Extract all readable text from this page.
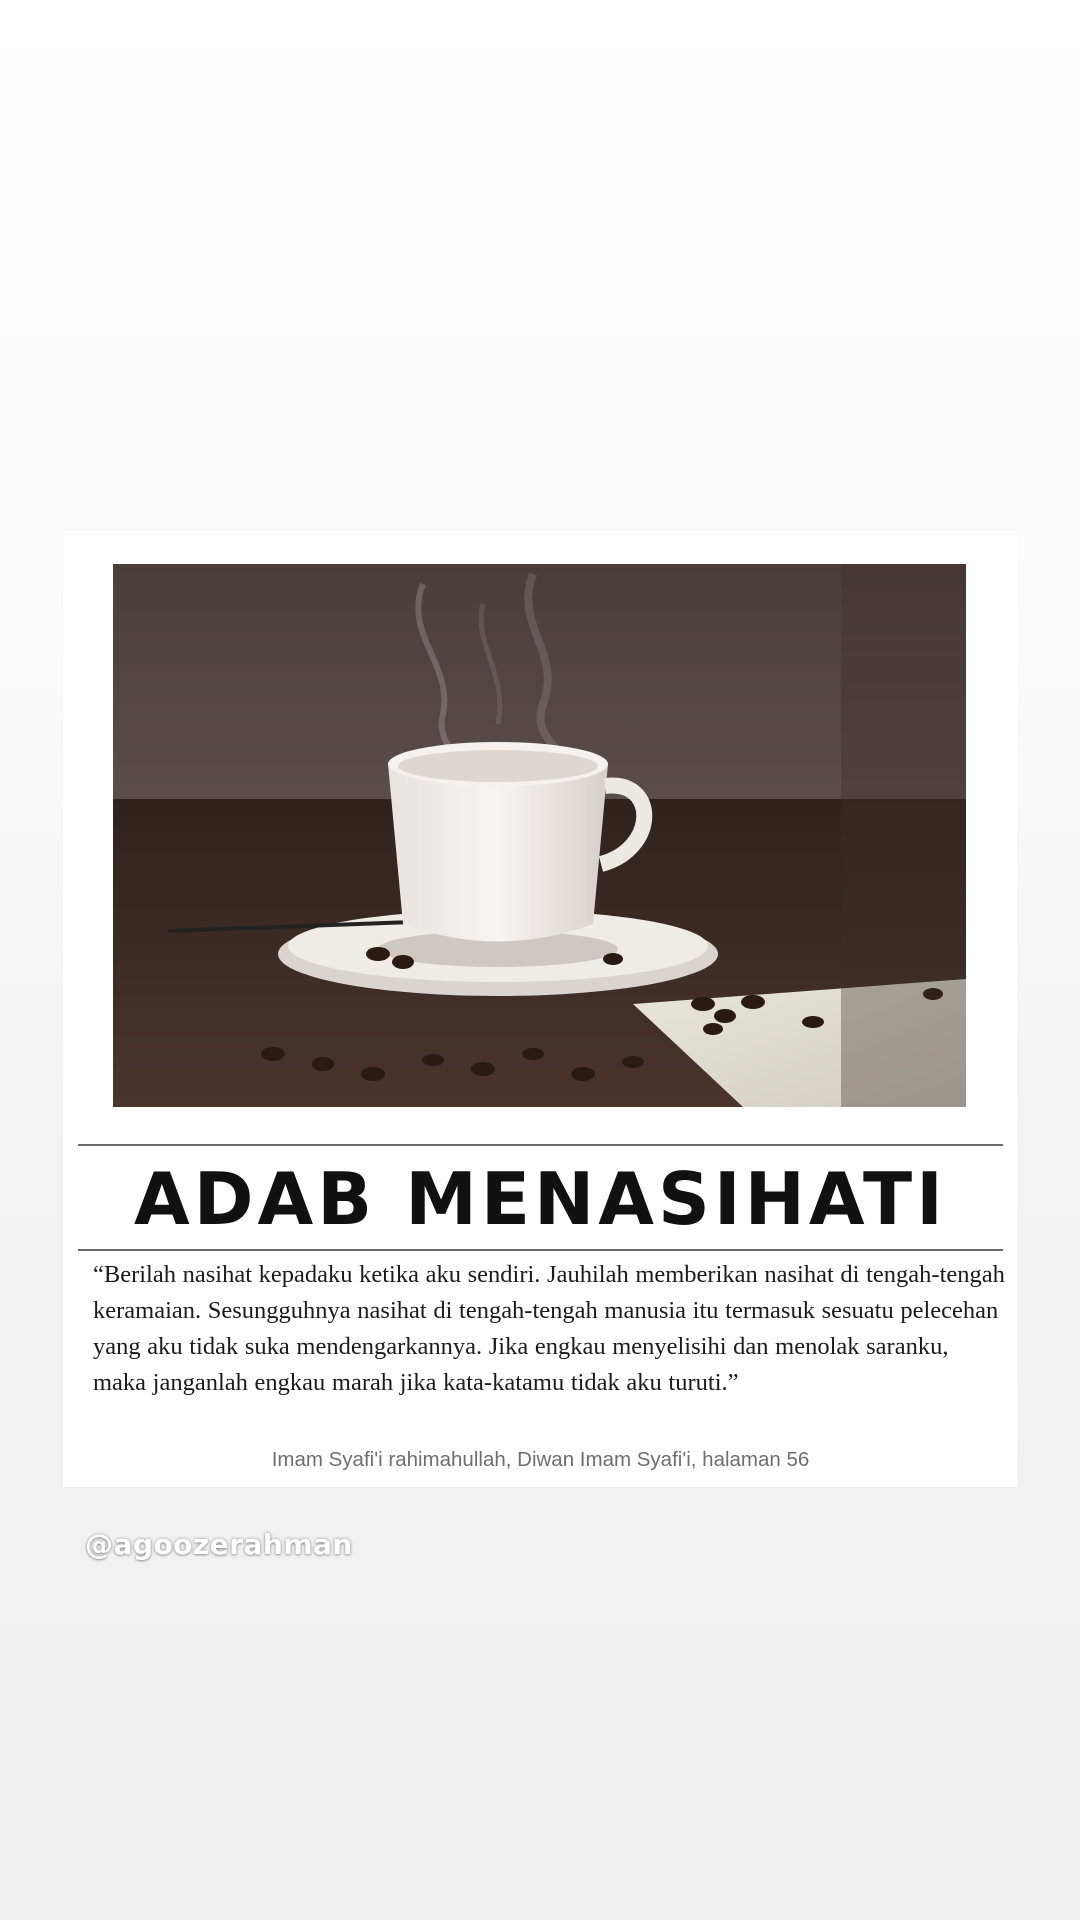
ADAB MENASIHATI
“Berilah nasihat kepadaku ketika aku sendiri. Jauhilah memberikan nasihat di tengah-tengah keramaian. Sesungguhnya nasihat di tengah-tengah manusia itu termasuk sesuatu pelecehan yang aku tidak suka mendengarkannya. Jika engkau menyelisihi dan menolak saranku, maka janganlah engkau marah jika kata-katamu tidak aku turuti.”
Imam Syafi'i rahimahullah, Diwan Imam Syafi'i, halaman 56
@agoozerahman
